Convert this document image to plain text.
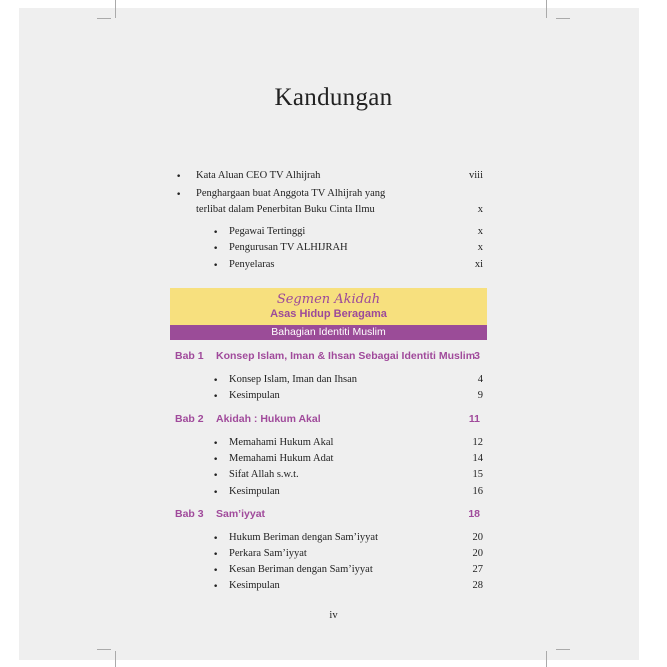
Kandungan
• Kata Aluan CEO TV Alhijrah	viii
• Penghargaan buat Anggota TV Alhijrah yang
terlibat dalam Penerbitan Buku Cinta Ilmu	x
• Pegawai Tertinggi	x
• Pengurusan TV ALHIJRAH	x
• Penyelaras	xi
Segmen Akidah
Asas Hidup Beragama
Bahagian Identiti Muslim
Bab 1 Konsep Islam, Iman & Ihsan Sebagai Identiti Muslim 3
• Konsep Islam, Iman dan Ihsan	4
• Kesimpulan	9
Bab 2 Akidah : Hukum Akal	11
• Memahami Hukum Akal	12
• Memahami Hukum Adat	14
• Sifat Allah s.w.t.	15
• Kesimpulan	16
Bab 3 Sam’iyyat	18
• Hukum Beriman dengan Sam’iyyat	20
• Perkara Sam’iyyat	20
• Kesan Beriman dengan Sam’iyyat	27
• Kesimpulan	28
iv
